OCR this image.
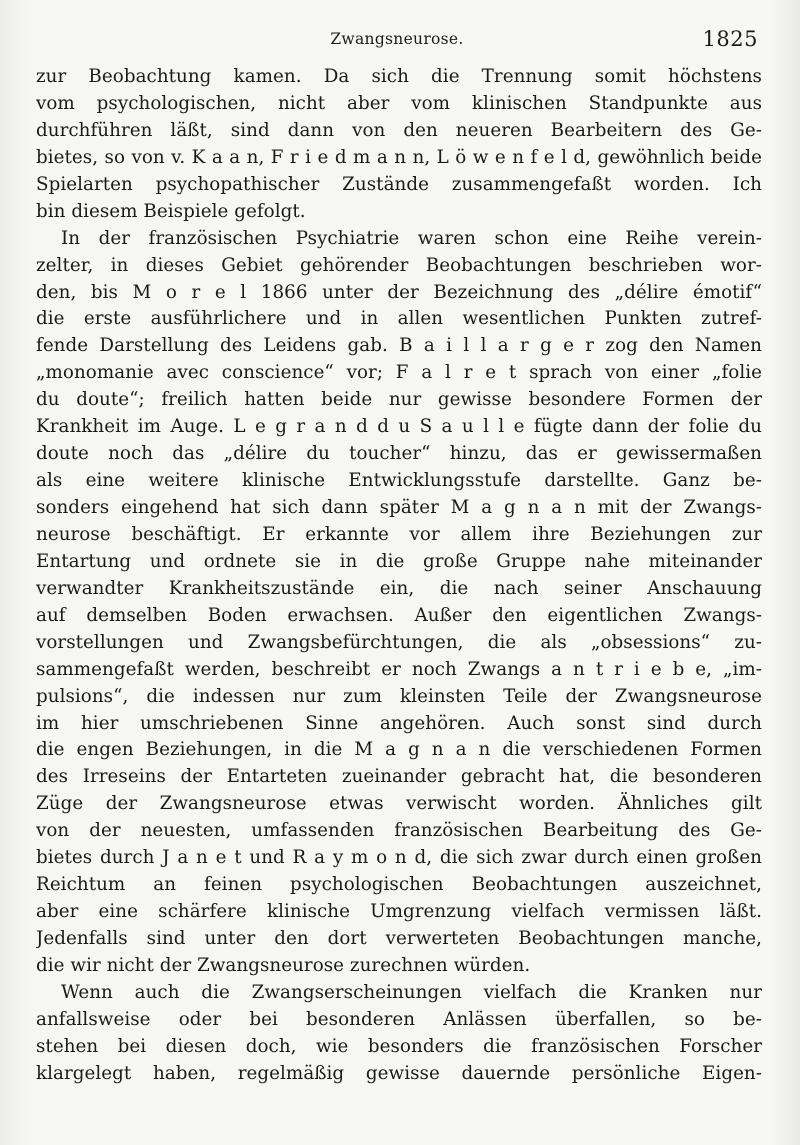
Zwangsneurose.	1825
zur Beobachtung kamen. Da sich die Trennung somit höchstens
vom psychologischen, nicht aber vom klinischen Standpunkte aus
durchführen läßt, sind dann von den neueren Bearbeitern des Ge-
bietes, so von v. K a a n, F r i e d m a n n, L ö w e n f e l d, gewöhnlich beide
Spielarten psychopathischer Zustände zusammengefaßt worden. Ich
bin diesem Beispiele gefolgt.
In der französischen Psychiatrie waren schon eine Reihe verein-
zelter, in dieses Gebiet gehörender Beobachtungen beschrieben wor-
den, bis M o r e l 1866 unter der Bezeichnung des „délire émotif“
die erste ausführlichere und in allen wesentlichen Punkten zutref-
fende Darstellung des Leidens gab. B a i l l a r g e r zog den Namen
„monomanie avec conscience“ vor; F a l r e t sprach von einer „folie
du doute“; freilich hatten beide nur gewisse besondere Formen der
Krankheit im Auge. L e g r a n d d u S a u l l e fügte dann der folie du
doute noch das „délire du toucher“ hinzu, das er gewissermaßen
als eine weitere klinische Entwicklungsstufe darstellte. Ganz be-
sonders eingehend hat sich dann später M a g n a n mit der Zwangs-
neurose beschäftigt. Er erkannte vor allem ihre Beziehungen zur
Entartung und ordnete sie in die große Gruppe nahe miteinander
verwandter Krankheitszustände ein, die nach seiner Anschauung
auf demselben Boden erwachsen. Außer den eigentlichen Zwangs-
vorstellungen und Zwangsbefürchtungen, die als „obsessions“ zu-
sammengefaßt werden, beschreibt er noch Zwangs a n t r i e b e, „im-
pulsions“, die indessen nur zum kleinsten Teile der Zwangsneurose
im hier umschriebenen Sinne angehören. Auch sonst sind durch
die engen Beziehungen, in die M a g n a n die verschiedenen Formen
des Irreseins der Entarteten zueinander gebracht hat, die besonderen
Züge der Zwangsneurose etwas verwischt worden. Ähnliches gilt
von der neuesten, umfassenden französischen Bearbeitung des Ge-
bietes durch J a n e t und R a y m o n d, die sich zwar durch einen großen
Reichtum an feinen psychologischen Beobachtungen auszeichnet,
aber eine schärfere klinische Umgrenzung vielfach vermissen läßt.
Jedenfalls sind unter den dort verwerteten Beobachtungen manche,
die wir nicht der Zwangsneurose zurechnen würden.
Wenn auch die Zwangserscheinungen vielfach die Kranken nur
anfallsweise oder bei besonderen Anlässen überfallen, so be-
stehen bei diesen doch, wie besonders die französischen Forscher
klargelegt haben, regelmäßig gewisse dauernde persönliche Eigen-
